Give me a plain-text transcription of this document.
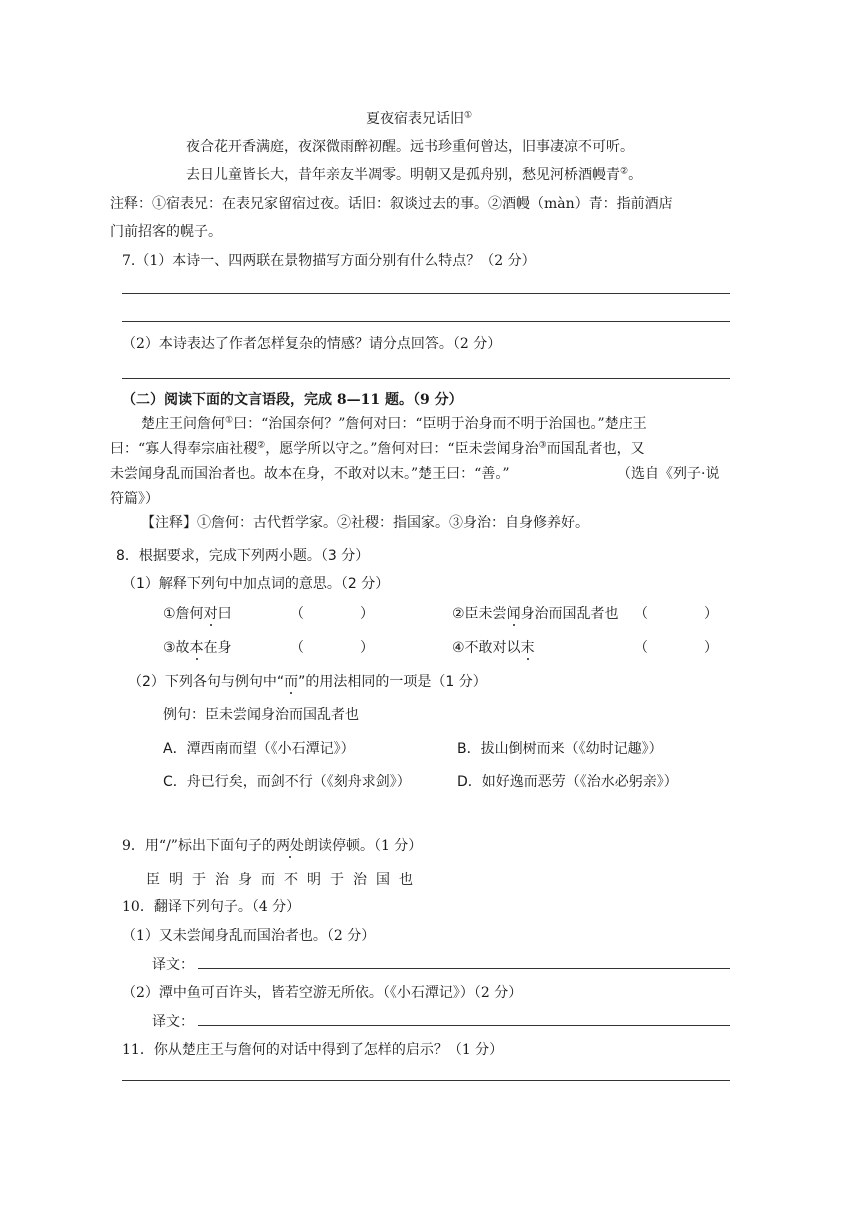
夏夜宿表兄话旧①
夜合花开香满庭，夜深微雨醉初醒。远书珍重何曾达，旧事凄凉不可听。
去日儿童皆长大，昔年亲友半凋零。明朝又是孤舟别，愁见河桥酒幔青②。
注释：①宿表兄：在表兄家留宿过夜。话旧：叙谈过去的事。②酒幔（màn）青：指前酒店
门前招客的幌子。
7.（1）本诗一、四两联在景物描写方面分别有什么特点？（2 分）
（2）本诗表达了作者怎样复杂的情感？请分点回答。（2 分）
（二）阅读下面的文言语段，完成 8—11 题。（9 分）
楚庄王问詹何①曰：“治国奈何？”詹何对曰：“臣明于治身而不明于治国也。”楚庄王
曰：“寡人得奉宗庙社稷②，愿学所以守之。”詹何对曰：“臣未尝闻身治③而国乱者也，又
未尝闻身乱而国治者也。故本在身，不敢对以末。”楚王曰：“善。”	（选自《列子·说
符篇》）
【注释】①詹何：古代哲学家。②社稷：指国家。③身治：自身修养好。
8．根据要求，完成下列两小题。（3 分）
（1）解释下列句中加点词的意思。（2 分）
①詹何对曰	（　　　　）	②臣未尝闻身治而国乱者也 （　　　　）
③故本在身	（　　　　）	④不敢对以末	（　　　　）
（2）下列各句与例句中“而”的用法相同的一项是（1 分）
例句：臣未尝闻身治而国乱者也
A．潭西南而望（《小石潭记》）	B．拔山倒树而来（《幼时记趣》）
C．舟已行矣，而剑不行（《刻舟求剑》）	D．如好逸而恶劳（《治水必躬亲》）
9．用“/”标出下面句子的两处朗读停顿。（1 分）
臣明于治身而不明于治国也
10．翻译下列句子。（4 分）
（1）又未尝闻身乱而国治者也。（2 分）
译文：
（2）潭中鱼可百许头，皆若空游无所依。（《小石潭记》）（2 分）
译文：
11．你从楚庄王与詹何的对话中得到了怎样的启示？（1 分）
